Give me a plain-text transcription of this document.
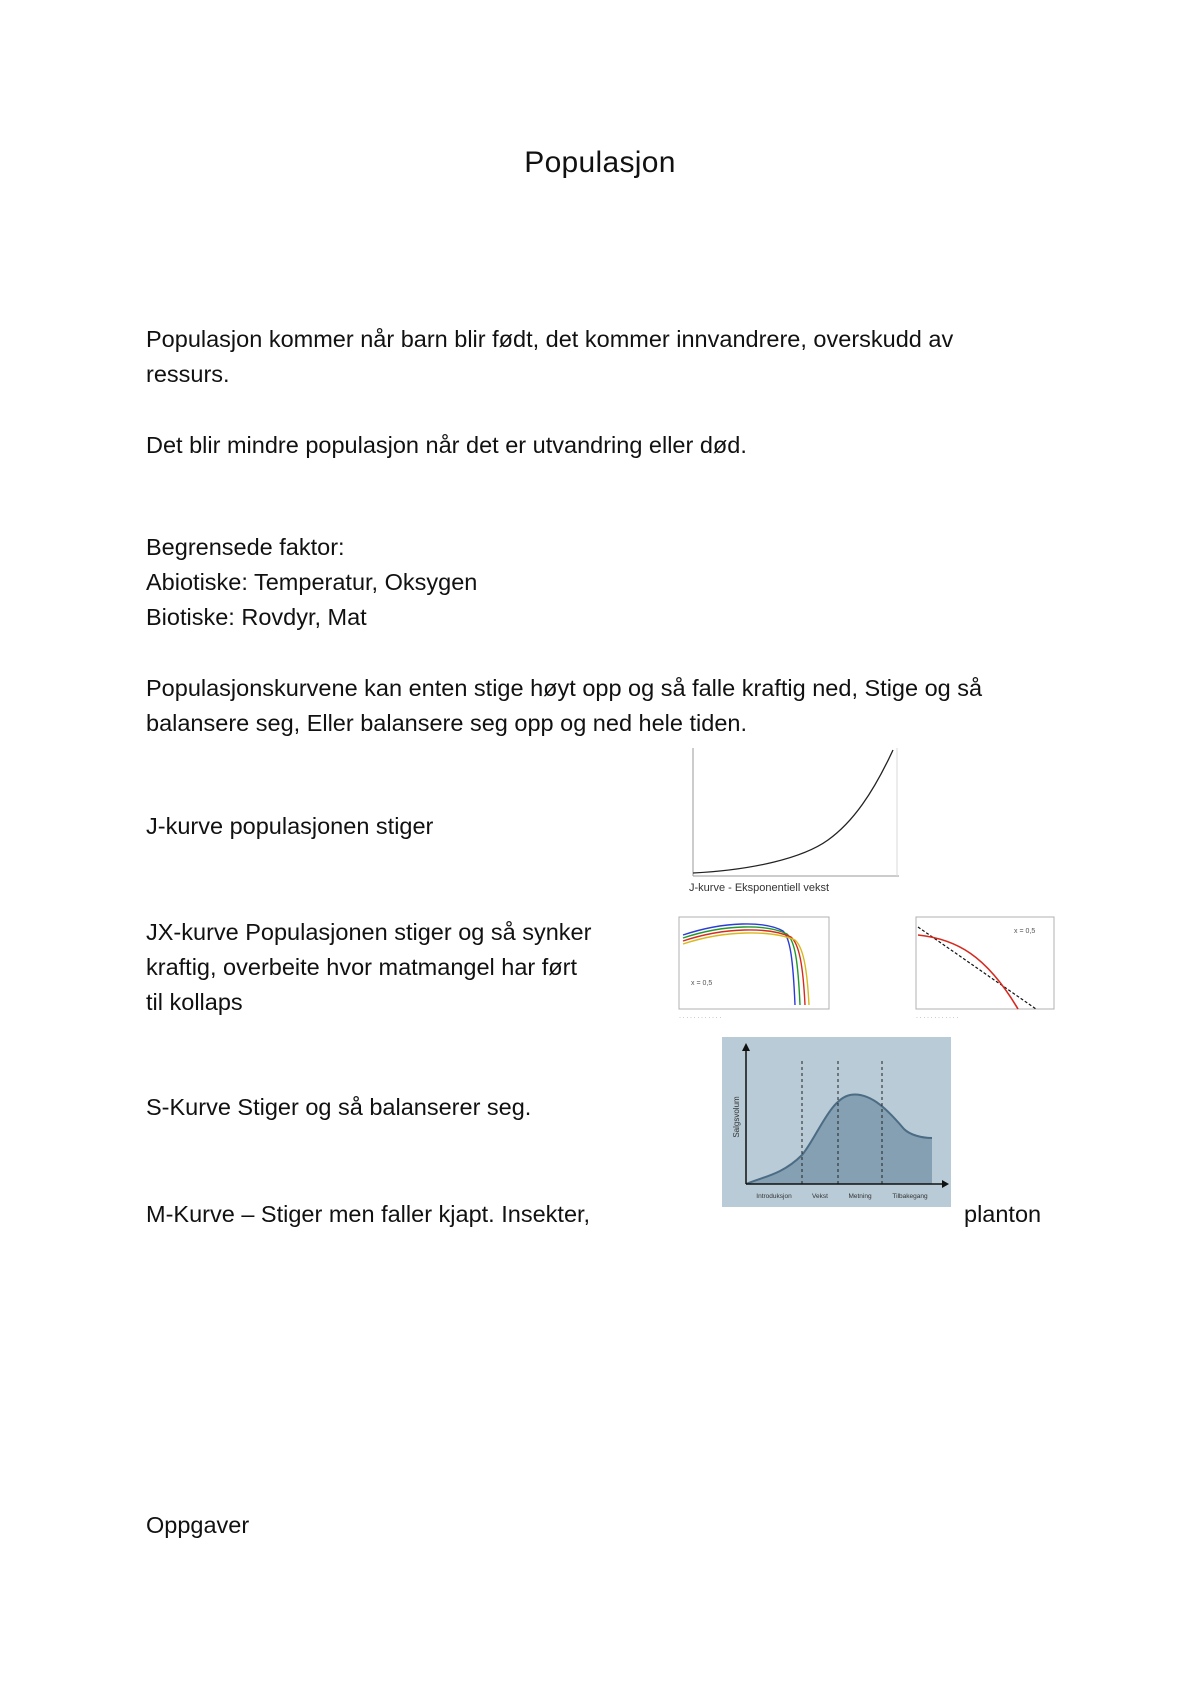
Populasjon
Populasjon kommer når barn blir født, det kommer innvandrere, overskudd av
ressurs.
Det blir mindre populasjon når det er utvandring eller død.
Begrensede faktor:
Abiotiske: Temperatur, Oksygen
Biotiske: Rovdyr, Mat
Populasjonskurvene kan enten stige høyt opp og så falle kraftig ned, Stige og så
balansere seg, Eller balansere seg opp og ned hele tiden.
J-kurve populasjonen stiger
JX-kurve Populasjonen stiger og så synker
kraftig, overbeite hvor matmangel har ført
til kollaps
S-Kurve Stiger og så balanserer seg.
M-Kurve – Stiger men faller kjapt. Insekter,	planton
Oppgaver
J-kurve - Eksponentiell vekst
x = 0,5
· · · · · · · · · · · ·
x = 0,5
· · · · · · · · · · · ·
Salgsvolum
Introduksjon	Vekst	Metning	Tilbakegang
